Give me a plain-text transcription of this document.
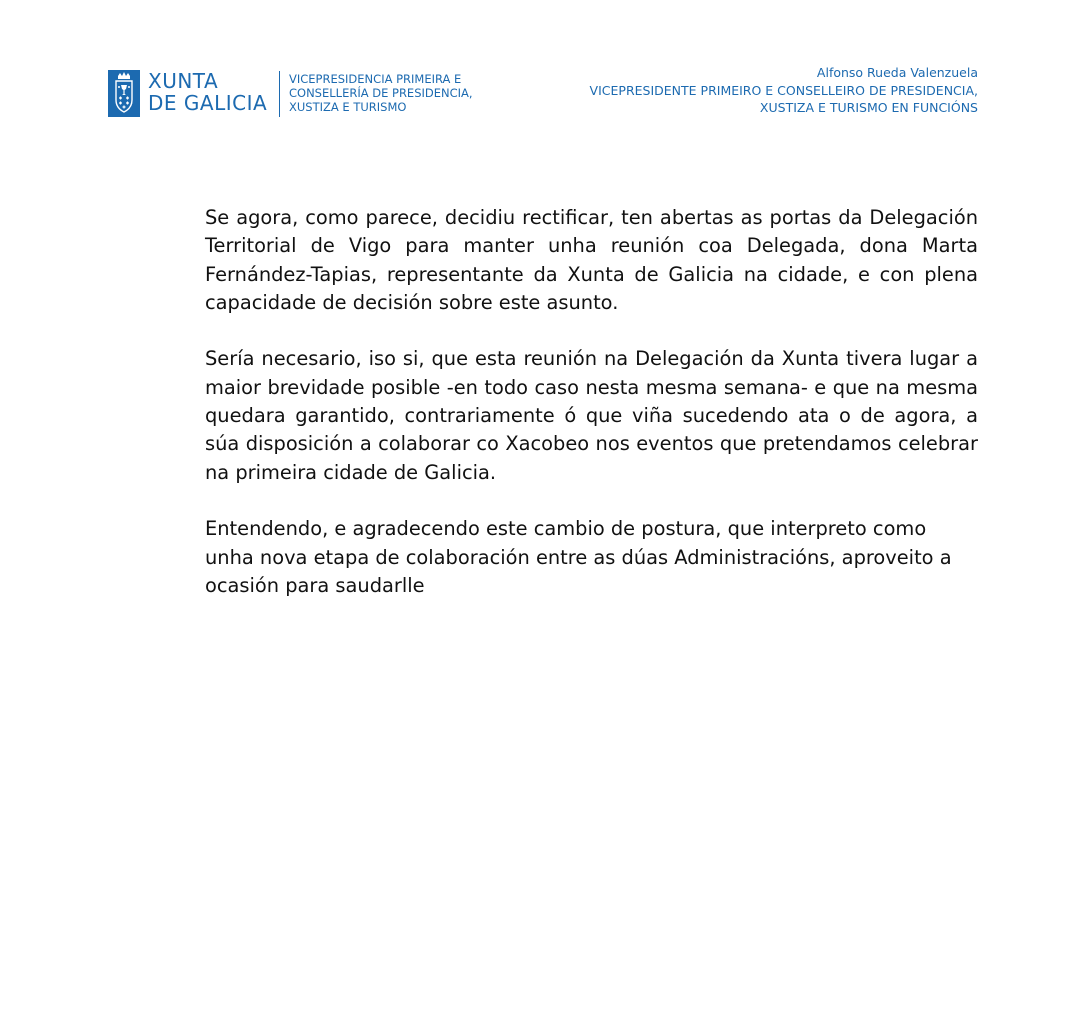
XUNTA
DE GALICIA
VICEPRESIDENCIA PRIMEIRA E
CONSELLERÍA DE PRESIDENCIA,
XUSTIZA E TURISMO
Alfonso Rueda Valenzuela
VICEPRESIDENTE PRIMEIRO E CONSELLEIRO DE PRESIDENCIA,
XUSTIZA E TURISMO EN FUNCIÓNS

Se agora, como parece, decidiu rectificar, ten abertas as portas da Delegación Territorial de Vigo para manter unha reunión coa Delegada, dona Marta Fernández-Tapias, representante da Xunta de Galicia na cidade, e con plena capacidade de decisión sobre este asunto.

Sería necesario, iso si, que esta reunión na Delegación da Xunta tivera lugar a maior brevidade posible -en todo caso nesta mesma semana- e que na mesma quedara garantido, contrariamente ó que viña sucedendo ata o de agora, a súa disposición a colaborar co Xacobeo nos eventos que pretendamos celebrar na primeira cidade de Galicia.

Entendendo, e agradecendo este cambio de postura, que interpreto como unha nova etapa de colaboración entre as dúas Administracións, aproveito a ocasión para saudarlle
